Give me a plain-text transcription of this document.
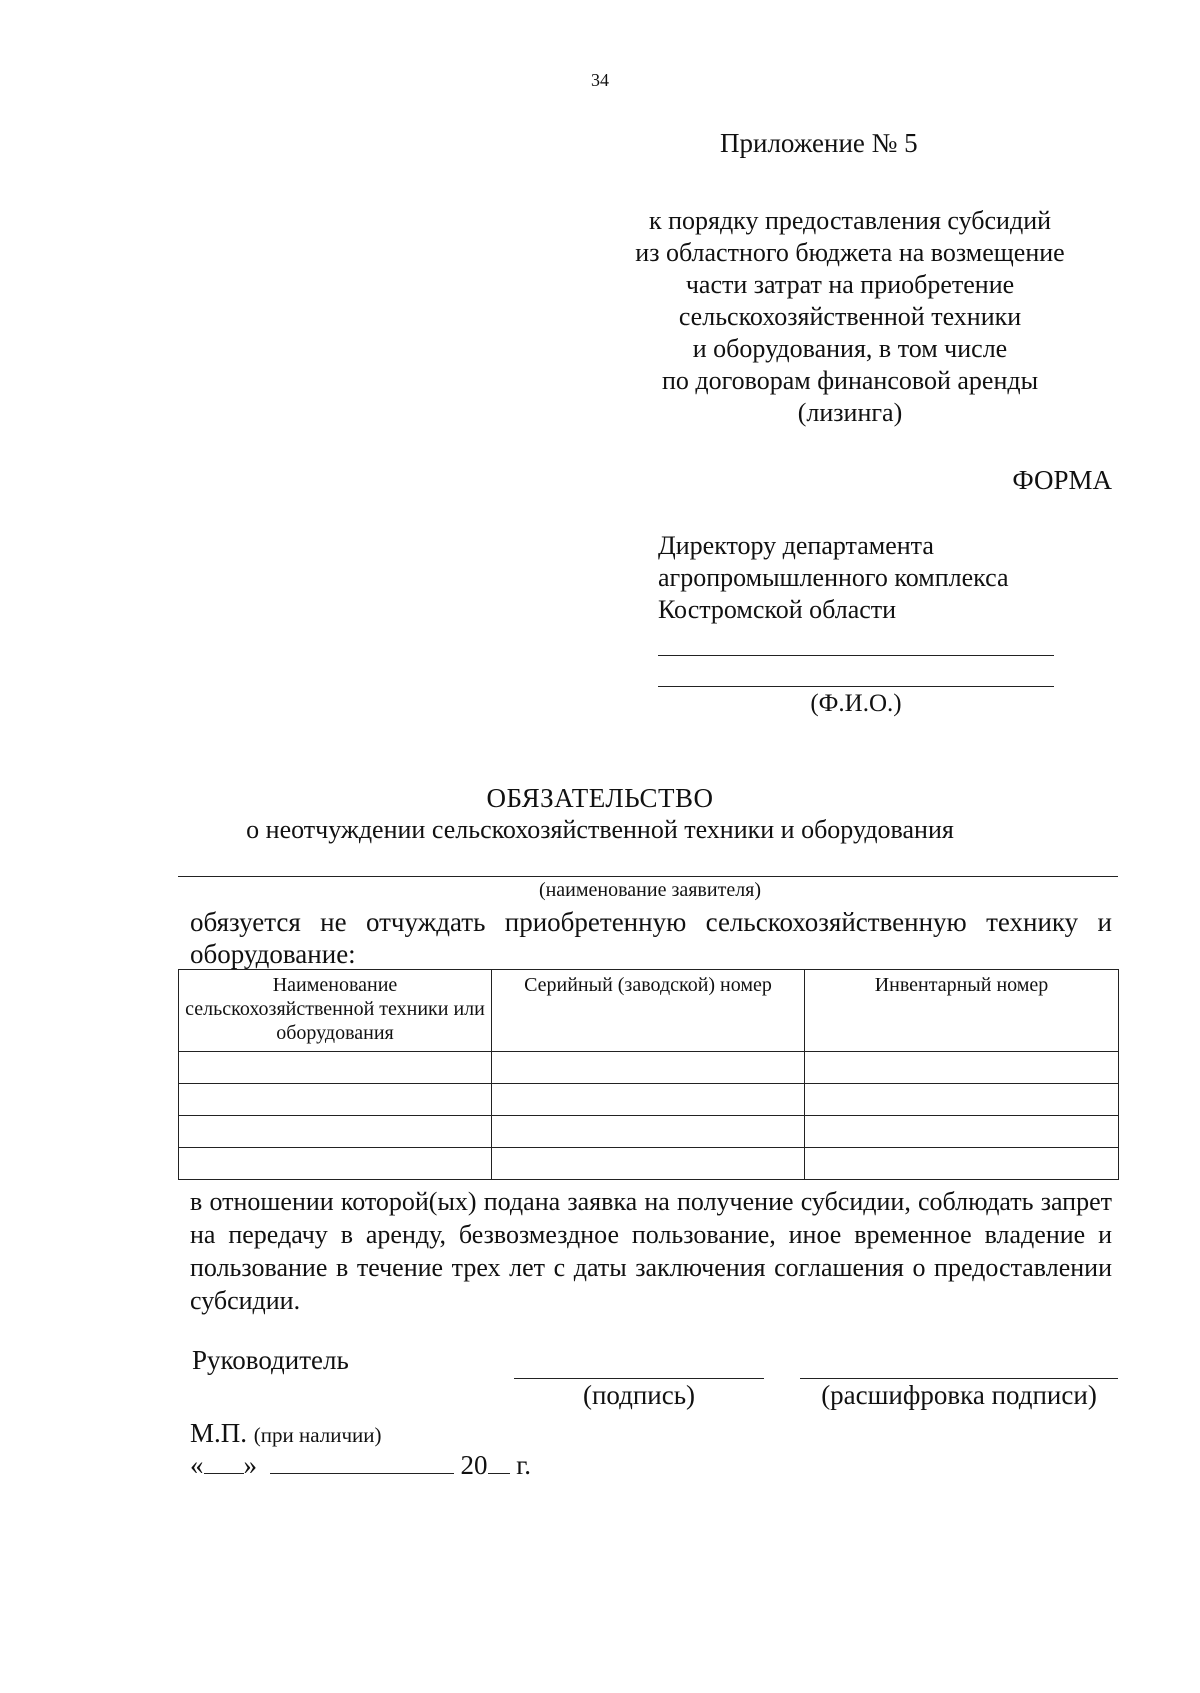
34
Приложение № 5
к порядку предоставления субсидий
из областного бюджета на возмещение
части затрат на приобретение
сельскохозяйственной техники
и оборудования, в том числе
по договорам финансовой аренды
(лизинга)
ФОРМА
Директору департамента
агропромышленного комплекса
Костромской области
(Ф.И.О.)
ОБЯЗАТЕЛЬСТВО
о неотчуждении сельскохозяйственной техники и оборудования
(наименование заявителя)
обязуется не отчуждать приобретенную сельскохозяйственную технику и
оборудование:
Наименование сельскохозяйственной техники или оборудования	Серийный (заводской) номер	Инвентарный номер

в отношении которой(ых) подана заявка на получение субсидии, соблюдать запрет на передачу в аренду, безвозмездное пользование, иное временное владение и пользование в течение трех лет с даты заключения соглашения о предоставлении субсидии.
Руководитель
(подпись)	(расшифровка подписи)
М.П. (при наличии)
« »	20 г.
